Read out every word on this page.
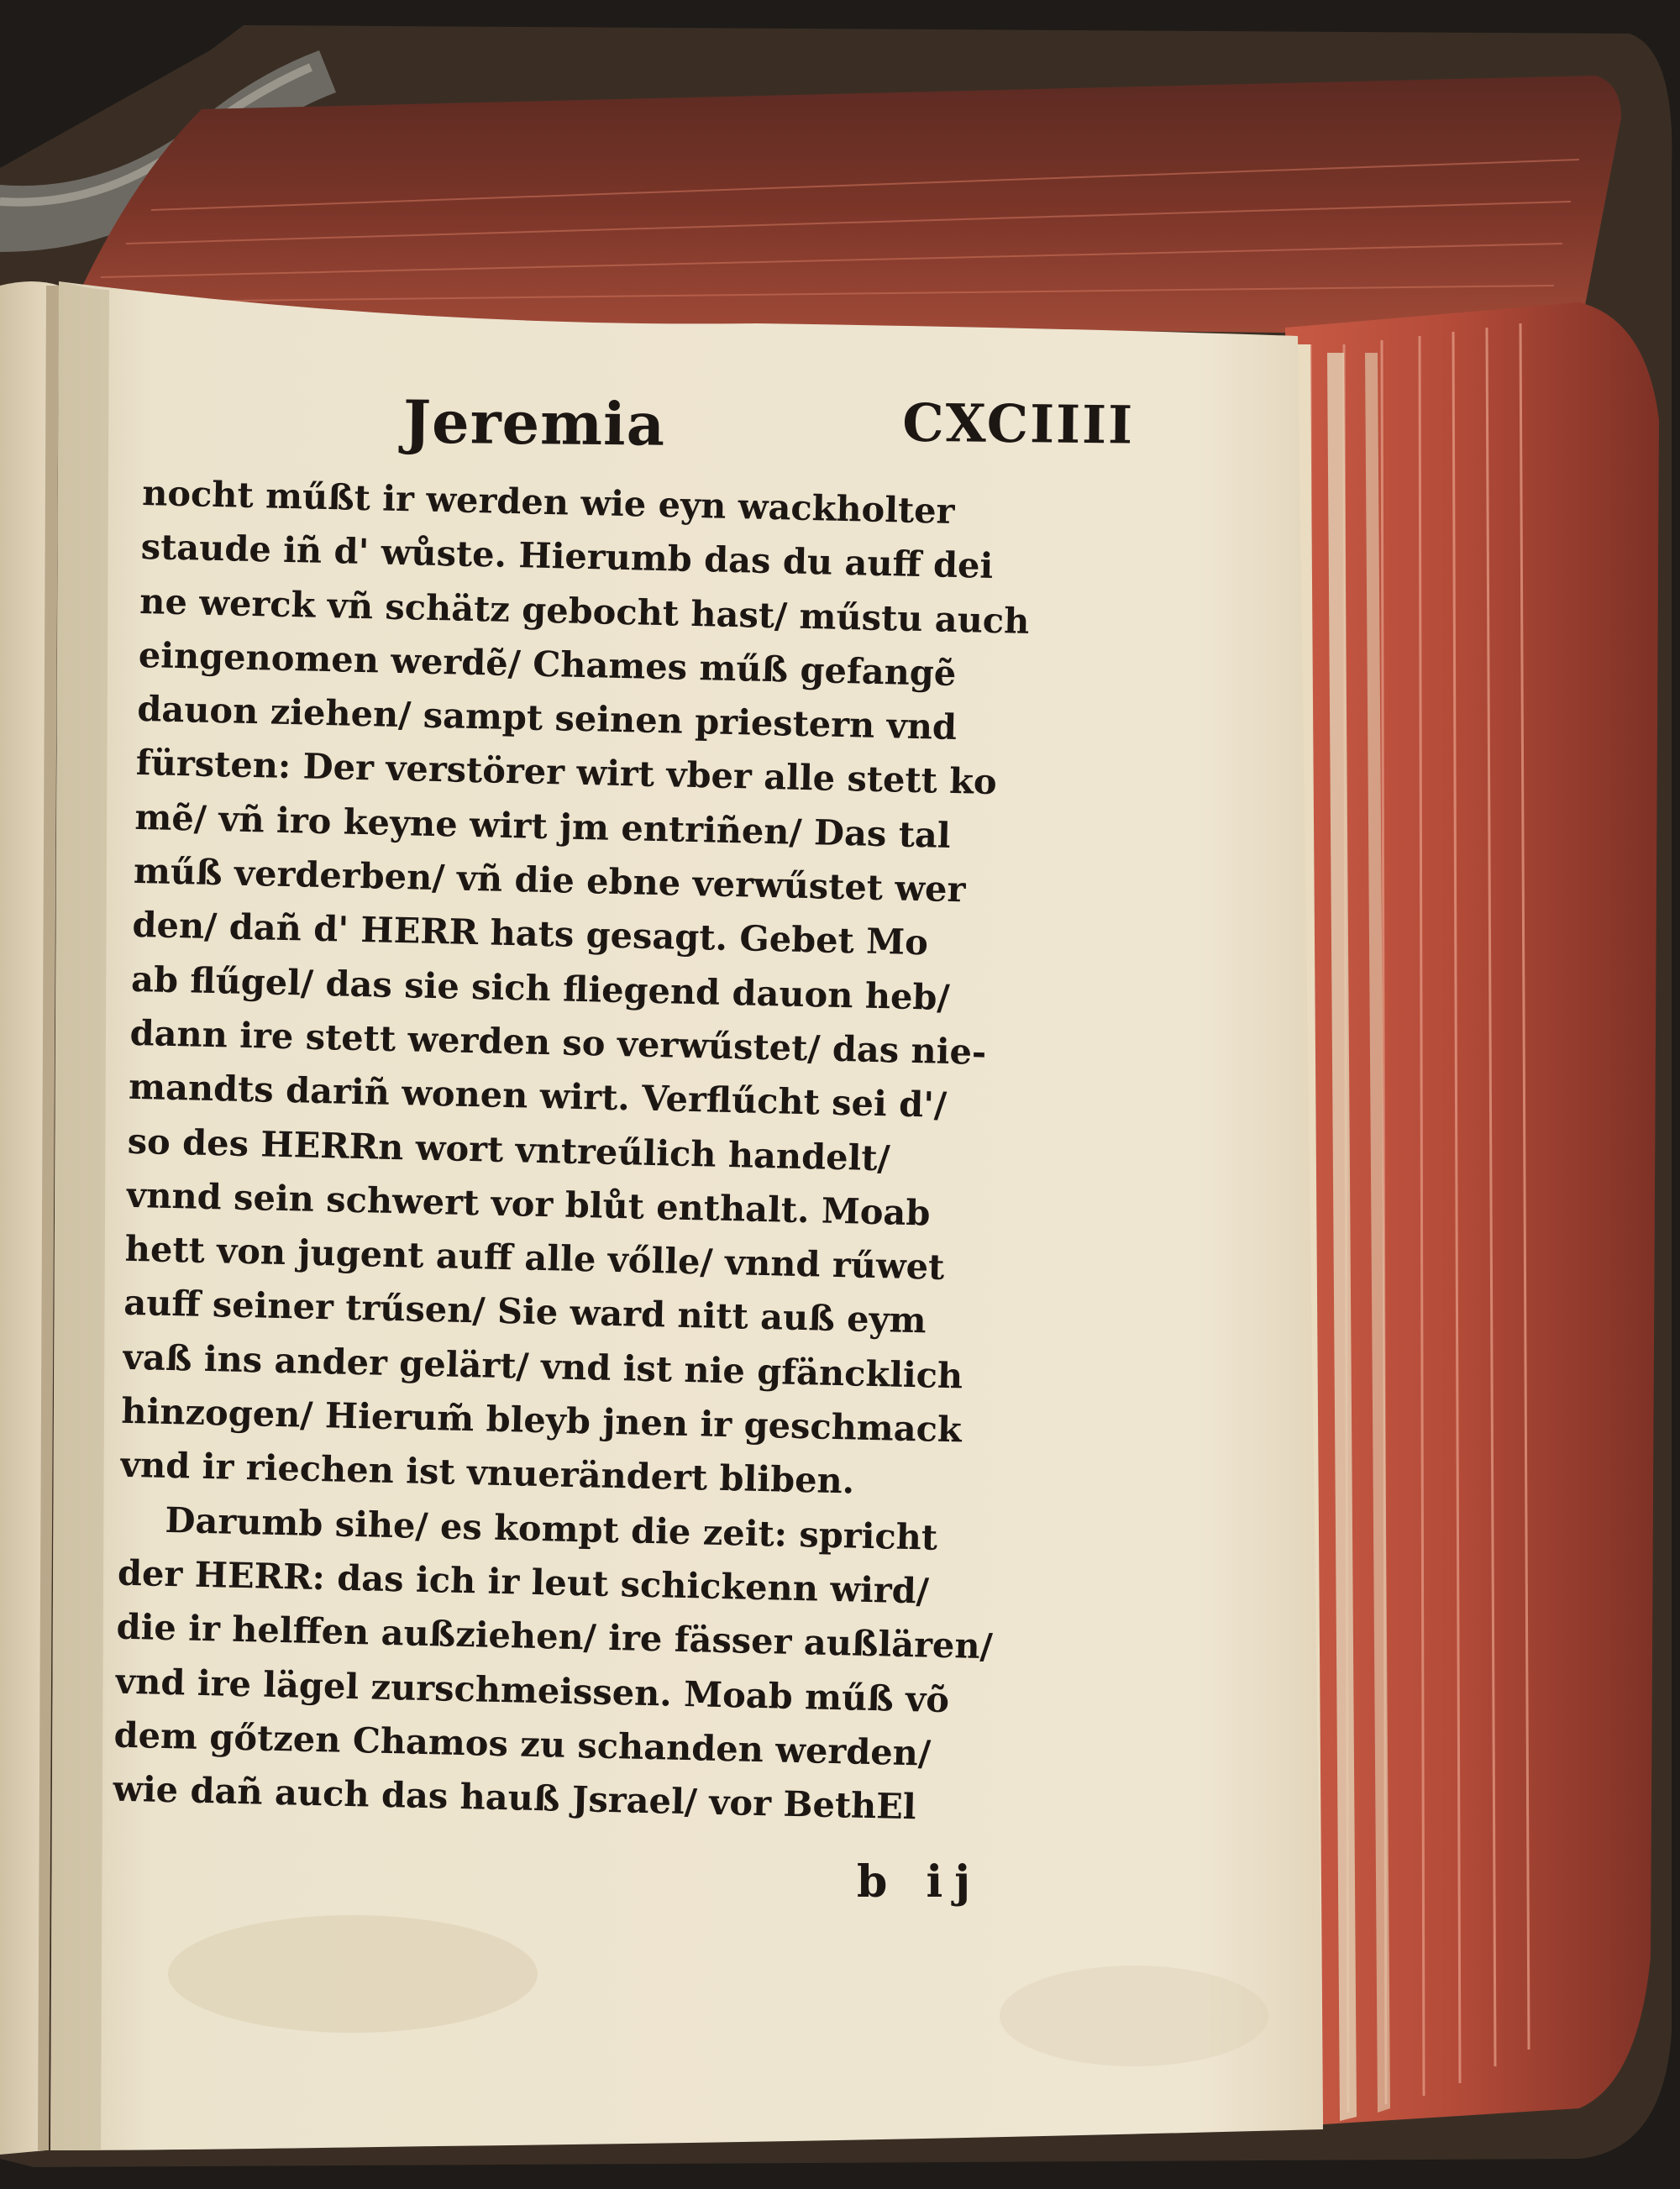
Jeremia	CXCIIII
nocht műßt ir werden wie eyn wackholter
staude iñ d' wůste. Hierumb das du auff dei
ne werck vñ schätz gebocht hast/ műstu auch
eingenomen werdẽ/ Chames műß gefangẽ
dauon ziehen/ sampt seinen priestern vnd
fürsten: Der verstörer wirt vber alle stett ko
mẽ/ vñ iro keyne wirt jm entriñen/ Das tal
műß verderben/ vñ die ebne verwűstet wer
den/ dañ d' HERR hats gesagt. Gebet Mo
ab flűgel/ das sie sich fliegend dauon heb/
dann ire stett werden so verwűstet/ das nie-
mandts dariñ wonen wirt. Verflűcht sei d'/
so des HERRn wort vntreűlich handelt/
vnnd sein schwert vor blůt enthalt. Moab
hett von jugent auff alle vőlle/ vnnd rűwet
auff seiner trűsen/ Sie ward nitt auß eym
vaß ins ander gelärt/ vnd ist nie gfäncklich
hinzogen/ Hierum̃ bleyb jnen ir geschmack
vnd ir riechen ist vnuerändert bliben.
Darumb sihe/ es kompt die zeit: spricht
der HERR: das ich ir leut schickenn wird/
die ir helffen außziehen/ ire fässer außlären/
vnd ire lägel zurschmeissen. Moab műß võ
dem gőtzen Chamos zu schanden werden/
wie dañ auch das hauß Jsrael/ vor BethEl
b ij
